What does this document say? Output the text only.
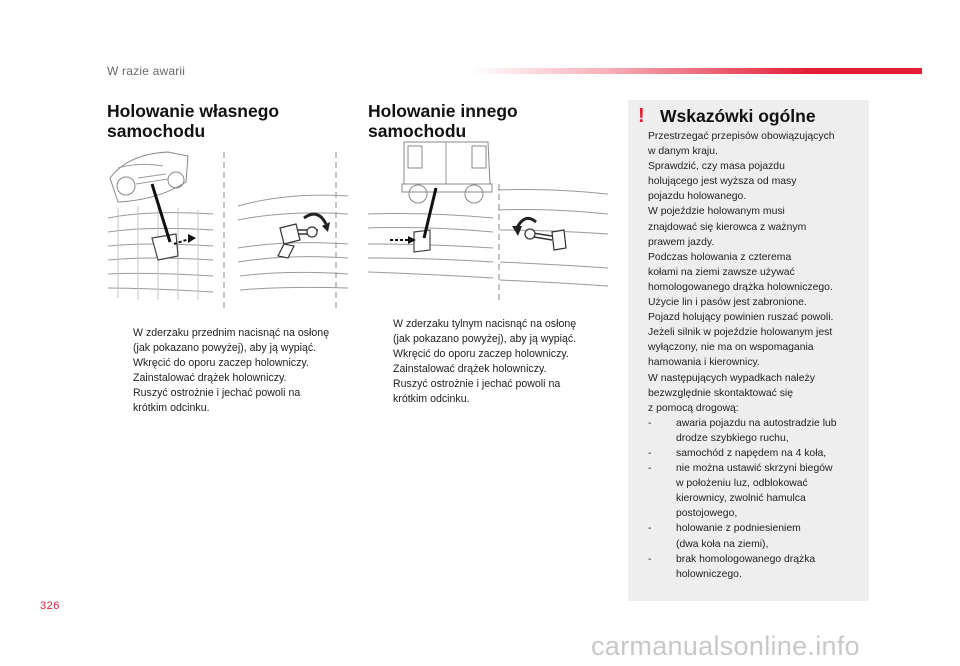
W razie awarii
Holowanie własnego
samochodu
W zderzaku przednim nacisnąć na osłonę
(jak pokazano powyżej), aby ją wypiąć.
Wkręcić do oporu zaczep holowniczy.
Zainstalować drążek holowniczy.
Ruszyć ostrożnie i jechać powoli na
krótkim odcinku.
Holowanie innego
samochodu
W zderzaku tylnym nacisnąć na osłonę
(jak pokazano powyżej), aby ją wypiąć.
Wkręcić do oporu zaczep holowniczy.
Zainstalować drążek holowniczy.
Ruszyć ostrożnie i jechać powoli na
krótkim odcinku.
! Wskazówki ogólne
Przestrzegać przepisów obowiązujących
w danym kraju.
Sprawdzić, czy masa pojazdu
holującego jest wyższa od masy
pojazdu holowanego.
W pojeździe holowanym musi
znajdować się kierowca z ważnym
prawem jazdy.
Podczas holowania z czterema
kołami na ziemi zawsze używać
homologowanego drążka holowniczego.
Użycie lin i pasów jest zabronione.
Pojazd holujący powinien ruszać powoli.
Jeżeli silnik w pojeździe holowanym jest
wyłączony, nie ma on wspomagania
hamowania i kierownicy.
W następujących wypadkach należy
bezwzględnie skontaktować się
z pomocą drogową:
- awaria pojazdu na autostradzie lub
drodze szybkiego ruchu,
- samochód z napędem na 4 koła,
- nie można ustawić skrzyni biegów
w położeniu luz, odblokować
kierownicy, zwolnić hamulca
postojowego,
- holowanie z podniesieniem
(dwa koła na ziemi),
- brak homologowanego drążka
holowniczego.
326
carmanualsonline.info
